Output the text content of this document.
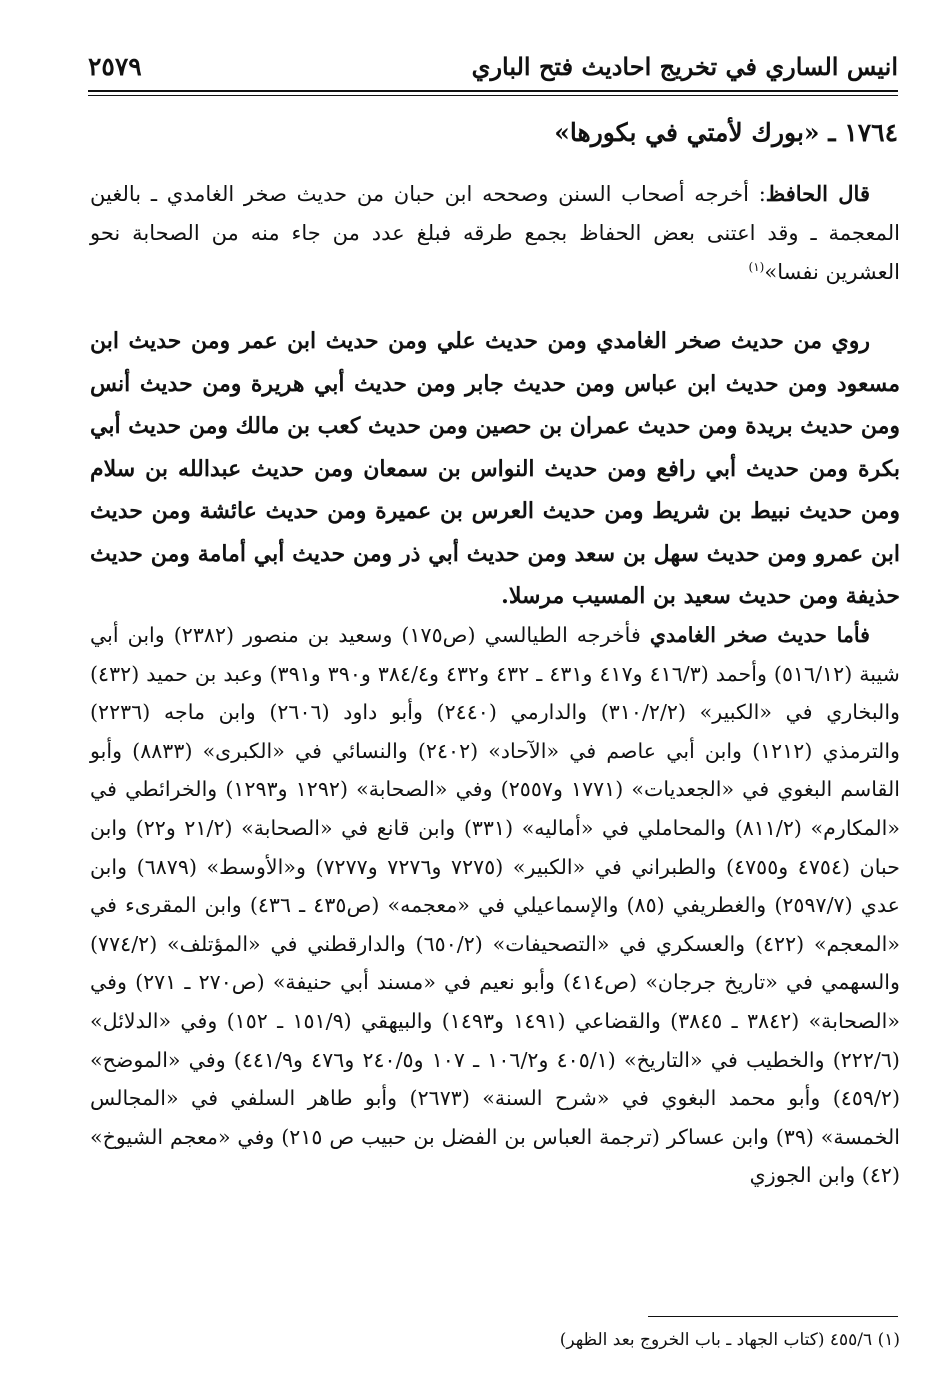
انيس الساري في تخريج احاديث فتح الباري
٢٥٧٩
١٧٦٤ ـ «بورك لأمتي في بكورها»

قال الحافظ: أخرجه أصحاب السنن وصححه ابن حبان من حديث صخر الغامدي ـ بالغين المعجمة ـ وقد اعتنى بعض الحفاظ بجمع طرقه فبلغ عدد من جاء منه من الصحابة نحو العشرين نفسا»$^{(١)}$

روي من حديث صخر الغامدي ومن حديث علي ومن حديث ابن عمر ومن حديث ابن مسعود ومن حديث ابن عباس ومن حديث جابر ومن حديث أبي هريرة ومن حديث أنس ومن حديث بريدة ومن حديث عمران بن حصين ومن حديث كعب بن مالك ومن حديث أبي بكرة ومن حديث أبي رافع ومن حديث النواس بن سمعان ومن حديث عبدالله بن سلام ومن حديث نبيط بن شريط ومن حديث العرس بن عميرة ومن حديث عائشة ومن حديث ابن عمرو ومن حديث سهل بن سعد ومن حديث أبي ذر ومن حديث أبي أمامة ومن حديث حذيفة ومن حديث سعيد بن المسيب مرسلا.

فأما حديث صخر الغامدي فأخرجه الطيالسي (ص١٧٥) وسعيد بن منصور (٢٣٨٢) وابن أبي شيبة (٥١٦/١٢) وأحمد (٤١٦/٣ و٤١٧ و٤٣١ ـ ٤٣٢ و٤٣٢ و٣٨٤/٤ و٣٩٠ و٣٩١) وعبد بن حميد (٤٣٢) والبخاري في «الكبير» (٣١٠/٢/٢) والدارمي (٢٤٤٠) وأبو داود (٢٦٠٦) وابن ماجه (٢٢٣٦) والترمذي (١٢١٢) وابن أبي عاصم في «الآحاد» (٢٤٠٢) والنسائي في «الكبرى» (٨٨٣٣) وأبو القاسم البغوي في «الجعديات» (١٧٧١ و٢٥٥٧) وفي «الصحابة» (١٢٩٢ و١٢٩٣) والخرائطي في «المكارم» (٨١١/٢) والمحاملي في «أماليه» (٣٣١) وابن قانع في «الصحابة» (٢١/٢ و٢٢) وابن حبان (٤٧٥٤ و٤٧٥٥) والطبراني في «الكبير» (٧٢٧٥ و٧٢٧٦ و٧٢٧٧) و«الأوسط» (٦٨٧٩) وابن عدي (٢٥٩٧/٧) والغطريفي (٨٥) والإسماعيلي في «معجمه» (ص٤٣٥ ـ ٤٣٦) وابن المقرىء في «المعجم» (٤٢٢) والعسكري في «التصحيفات» (٦٥٠/٢) والدارقطني في «المؤتلف» (٧٧٤/٢) والسهمي في «تاريخ جرجان» (ص٤١٤) وأبو نعيم في «مسند أبي حنيفة» (ص٢٧٠ ـ ٢٧١) وفي «الصحابة» (٣٨٤٢ ـ ٣٨٤٥) والقضاعي (١٤٩١ و١٤٩٣) والبيهقي (١٥١/٩ ـ ١٥٢) وفي «الدلائل» (٢٢٢/٦) والخطيب في «التاريخ» (٤٠٥/١ و١٠٦/٢ ـ ١٠٧ و٢٤٠/٥ و٤٧٦ و٤٤١/٩) وفي «الموضح» (٤٥٩/٢) وأبو محمد البغوي في «شرح السنة» (٢٦٧٣) وأبو طاهر السلفي في «المجالس الخمسة» (٣٩) وابن عساكر (ترجمة العباس بن الفضل بن حبيب ص ٢١٥) وفي «معجم الشيوخ» (٤٢) وابن الجوزي

(١) ٤٥٥/٦ (كتاب الجهاد ـ باب الخروج بعد الظهر)
